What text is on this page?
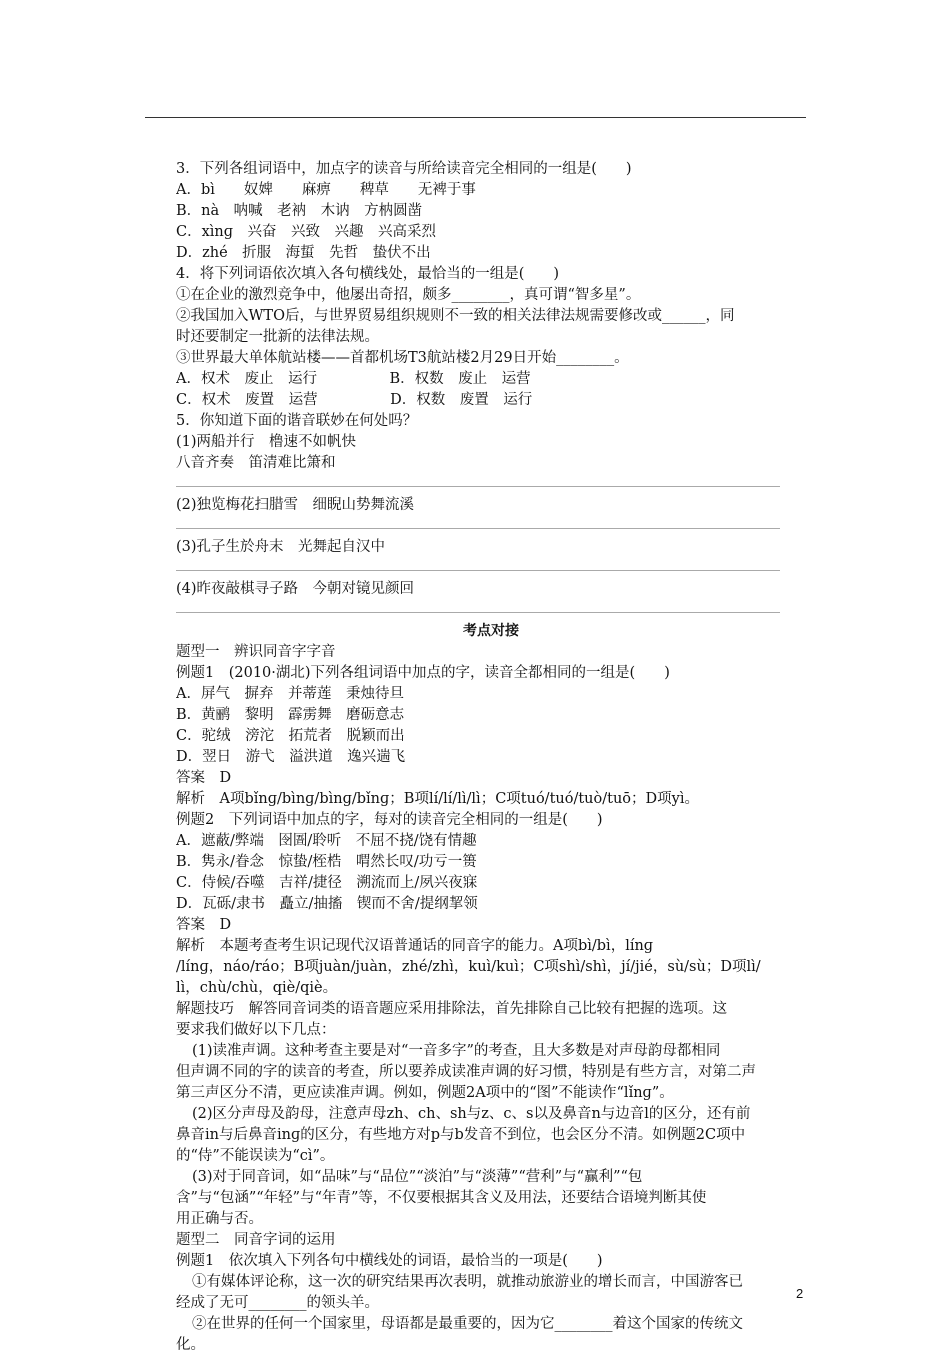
3．下列各组词语中，加点字的读音与所给读音完全相同的一组是(　　)
A．bì　　奴婢　　麻痹　　稗草　　无裨于事
B．nà　呐喊　老衲　木讷　方枘圆凿
C．xìnɡ　兴奋　兴致　兴趣　兴高采烈
D．zhé　折服　海蜇　先哲　蛰伏不出
4．将下列词语依次填入各句横线处，最恰当的一组是(　　)
①在企业的激烈竞争中，他屡出奇招，颇多________，真可谓“智多星”。
②我国加入WTO后，与世界贸易组织规则不一致的相关法律法规需要修改或______，同
时还要制定一批新的法律法规。
③世界最大单体航站楼——首都机场T3航站楼2月29日开始________。
A．权术　废止　运行　　　　　B．权数　废止　运营
C．权术　废置　运营　　　　　D．权数　废置　运行
5．你知道下面的谐音联妙在何处吗？
(1)两船并行　橹速不如帆快
八音齐奏　笛清难比箫和
(2)独览梅花扫腊雪　细睨山势舞流溪
(3)孔子生於舟末　光舞起自汉中
(4)昨夜敲棋寻子路　今朝对镜见颜回
考点对接
题型一　辨识同音字字音
例题1　(2010·湖北)下列各组词语中加点的字，读音全都相同的一组是(　　)
A．屏气　摒弃　并蒂莲　秉烛待旦
B．黄鹂　黎明　霹雳舞　磨砺意志
C．驼绒　滂沱　拓荒者　脱颖而出
D．翌日　游弋　溢洪道　逸兴遄飞
答案　D
解析　A项bǐnɡ/bìnɡ/bìnɡ/bǐnɡ；B项lí/lí/lì/lì；C项tuó/tuó/tuò/tuō；D项yì。
例题2　下列词语中加点的字，每对的读音完全相同的一组是(　　)
A．遮蔽/弊端　囹圄/聆听　不屈不挠/饶有情趣
B．隽永/眷念　惊蛰/桎梏　喟然长叹/功亏一篑
C．侍候/吞噬　吉祥/捷径　溯流而上/夙兴夜寐
D．瓦砾/隶书　矗立/抽搐　锲而不舍/提纲挈领
答案　D
解析　本题考查考生识记现代汉语普通话的同音字的能力。A项bì/bì，línɡ
/línɡ，náo/ráo；B项juàn/juàn，zhé/zhì，kuì/kuì；C项shì/shì，jí/jié，sù/sù；D项lì/
lì，chù/chù，qiè/qiè。
解题技巧　解答同音词类的语音题应采用排除法，首先排除自己比较有把握的选项。这
要求我们做好以下几点：
(1)读准声调。这种考查主要是对“一音多字”的考查，且大多数是对声母韵母都相同
但声调不同的字的读音的考查，所以要养成读准声调的好习惯，特别是有些方言，对第二声
第三声区分不清，更应读准声调。例如，例题2A项中的“图”不能读作“lǐnɡ”。
(2)区分声母及韵母，注意声母zh、ch、sh与z、c、s以及鼻音n与边音l的区分，还有前
鼻音in与后鼻音inɡ的区分，有些地方对p与b发音不到位，也会区分不清。如例题2C项中
的“侍”不能误读为“cì”。
(3)对于同音词，如“品味”与“品位”“淡泊”与“淡薄”“营利”与“赢利”“包
含”与“包涵”“年轻”与“年青”等，不仅要根据其含义及用法，还要结合语境判断其使
用正确与否。
题型二　同音字词的运用
例题1　依次填入下列各句中横线处的词语，最恰当的一项是(　　)
①有媒体评论称，这一次的研究结果再次表明，就推动旅游业的增长而言，中国游客已
经成了无可________的领头羊。
②在世界的任何一个国家里，母语都是最重要的，因为它________着这个国家的传统文
化。
2
